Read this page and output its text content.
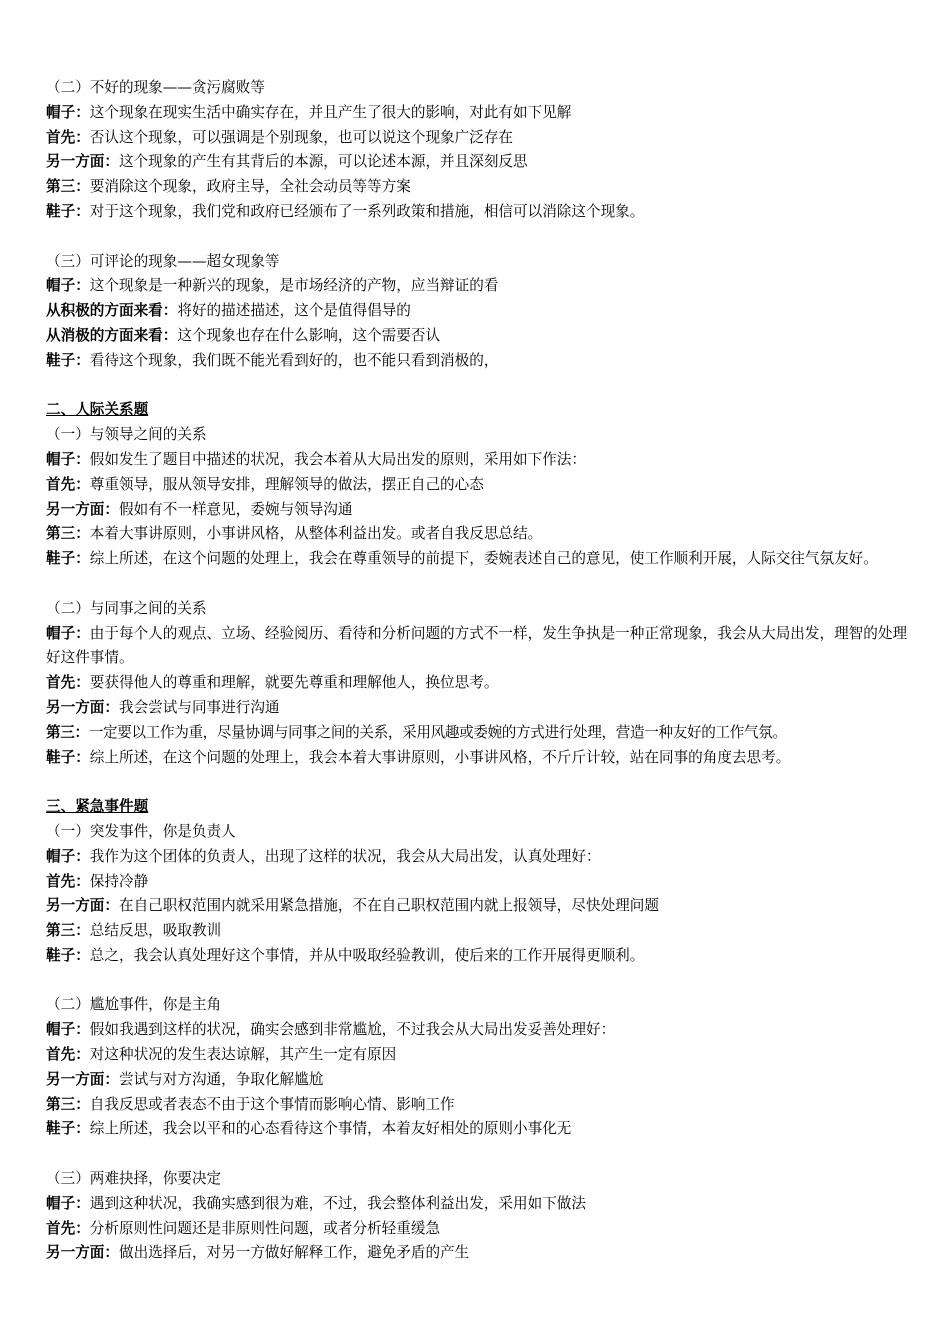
（二）不好的现象——贪污腐败等
帽子：这个现象在现实生活中确实存在，并且产生了很大的影响，对此有如下见解
首先：否认这个现象，可以强调是个别现象，也可以说这个现象广泛存在
另一方面：这个现象的产生有其背后的本源，可以论述本源，并且深刻反思
第三：要消除这个现象，政府主导，全社会动员等等方案
鞋子：对于这个现象，我们党和政府已经颁布了一系列政策和措施，相信可以消除这个现象。
（三）可评论的现象——超女现象等
帽子：这个现象是一种新兴的现象，是市场经济的产物，应当辩证的看
从积极的方面来看：将好的描述描述，这个是值得倡导的
从消极的方面来看：这个现象也存在什么影响，这个需要否认
鞋子：看待这个现象，我们既不能光看到好的，也不能只看到消极的，
二、人际关系题
（一）与领导之间的关系
帽子：假如发生了题目中描述的状况，我会本着从大局出发的原则，采用如下作法：
首先：尊重领导，服从领导安排，理解领导的做法，摆正自己的心态
另一方面：假如有不一样意见，委婉与领导沟通
第三：本着大事讲原则，小事讲风格，从整体利益出发。或者自我反思总结。
鞋子：综上所述，在这个问题的处理上，我会在尊重领导的前提下，委婉表述自己的意见，使工作顺利开展，人际交往气氛友好。
（二）与同事之间的关系
帽子：由于每个人的观点、立场、经验阅历、看待和分析问题的方式不一样，发生争执是一种正常现象，我会从大局出发，理智的处理好这件事情。
首先：要获得他人的尊重和理解，就要先尊重和理解他人，换位思考。
另一方面：我会尝试与同事进行沟通
第三：一定要以工作为重，尽量协调与同事之间的关系，采用风趣或委婉的方式进行处理，营造一种友好的工作气氛。
鞋子：综上所述，在这个问题的处理上，我会本着大事讲原则，小事讲风格，不斤斤计较，站在同事的角度去思考。
三、紧急事件题
（一）突发事件，你是负责人
帽子：我作为这个团体的负责人，出现了这样的状况，我会从大局出发，认真处理好：
首先：保持冷静
另一方面：在自己职权范围内就采用紧急措施，不在自己职权范围内就上报领导，尽快处理问题
第三：总结反思，吸取教训
鞋子：总之，我会认真处理好这个事情，并从中吸取经验教训，使后来的工作开展得更顺利。
（二）尴尬事件，你是主角
帽子：假如我遇到这样的状况，确实会感到非常尴尬，不过我会从大局出发妥善处理好：
首先：对这种状况的发生表达谅解，其产生一定有原因
另一方面：尝试与对方沟通，争取化解尴尬
第三：自我反思或者表态不由于这个事情而影响心情、影响工作
鞋子：综上所述，我会以平和的心态看待这个事情，本着友好相处的原则小事化无
（三）两难抉择，你要决定
帽子：遇到这种状况，我确实感到很为难，不过，我会整体利益出发，采用如下做法
首先：分析原则性问题还是非原则性问题，或者分析轻重缓急
另一方面：做出选择后，对另一方做好解释工作，避免矛盾的产生
